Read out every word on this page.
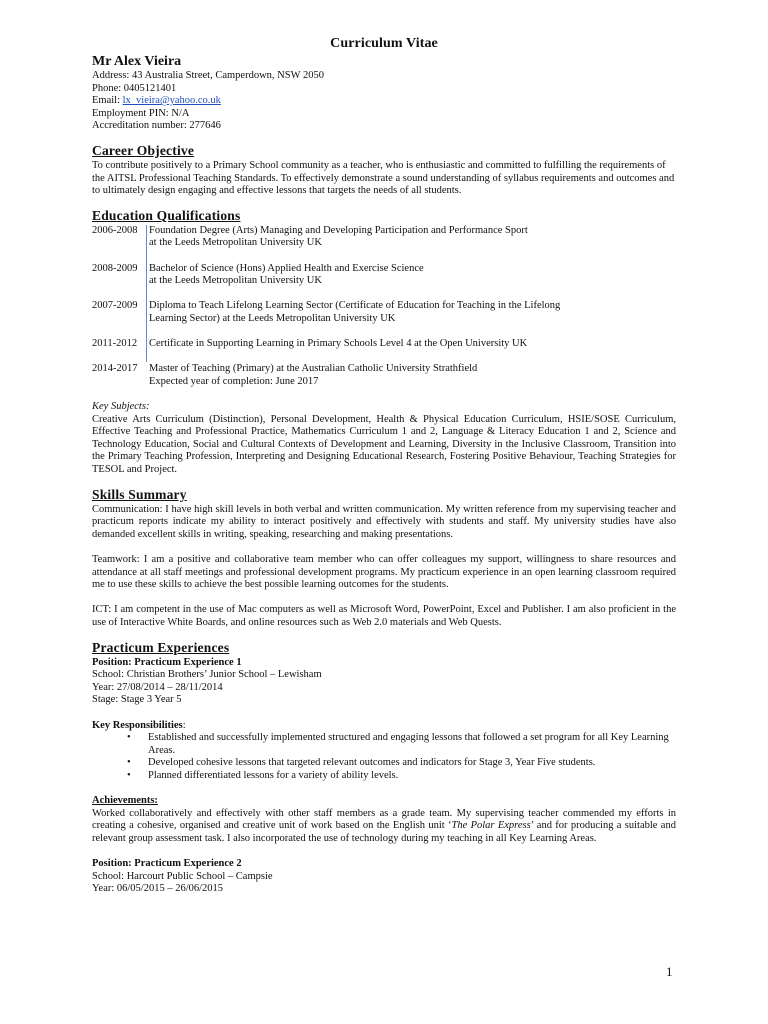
Curriculum Vitae
Mr Alex Vieira
Address: 43 Australia Street, Camperdown, NSW 2050
Phone: 0405121401
Email: lx_vieira@yahoo.co.uk
Employment PIN: N/A
Accreditation number: 277646
Career Objective

To contribute positively to a Primary School community as a teacher, who is enthusiastic and committed to fulfilling the requirements of the AITSL Professional Teaching Standards. To effectively demonstrate a sound understanding of syllabus requirements and outcomes and to ultimately design engaging and effective lessons that targets the needs of all students.

Education Qualifications
2006-2008	Foundation Degree (Arts) Managing and Developing Participation and Performance Sport
at the Leeds Metropolitan University UK
2008-2009	Bachelor of Science (Hons) Applied Health and Exercise Science
at the Leeds Metropolitan University UK
2007-2009	Diploma to Teach Lifelong Learning Sector (Certificate of Education for Teaching in the Lifelong
Learning Sector) at the Leeds Metropolitan University UK
2011-2012	Certificate in Supporting Learning in Primary Schools Level 4 at the Open University UK
2014-2017	Master of Teaching (Primary) at the Australian Catholic University Strathfield
Expected year of completion: June 2017
Key Subjects:

Creative Arts Curriculum (Distinction), Personal Development, Health & Physical Education Curriculum, HSIE/SOSE Curriculum, Effective Teaching and Professional Practice, Mathematics Curriculum 1 and 2, Language & Literacy Education 1 and 2, Science and Technology Education, Social and Cultural Contexts of Development and Learning, Diversity in the Inclusive Classroom, Transition into the Primary Teaching Profession, Interpreting and Designing Educational Research, Fostering Positive Behaviour, Teaching Strategies for TESOL and Project.

Skills Summary

Communication: I have high skill levels in both verbal and written communication. My written reference from my supervising teacher and practicum reports indicate my ability to interact positively and effectively with students and staff. My university studies have also demanded excellent skills in writing, speaking, researching and making presentations.

Teamwork: I am a positive and collaborative team member who can offer colleagues my support, willingness to share resources and attendance at all staff meetings and professional development programs. My practicum experience in an open learning classroom required me to use these skills to achieve the best possible learning outcomes for the students.

ICT: I am competent in the use of Mac computers as well as Microsoft Word, PowerPoint, Excel and Publisher. I am also proficient in the use of Interactive White Boards, and online resources such as Web 2.0 materials and Web Quests.

Practicum Experiences
Position: Practicum Experience 1
School: Christian Brothers’ Junior School – Lewisham
Year: 27/08/2014 – 28/11/2014
Stage: Stage 3 Year 5
Key Responsibilities:
• Established and successfully implemented structured and engaging lessons that followed a set program for all Key Learning Areas.
• Developed cohesive lessons that targeted relevant outcomes and indicators for Stage 3, Year Five students.
• Planned differentiated lessons for a variety of ability levels.
Achievements:

Worked collaboratively and effectively with other staff members as a grade team. My supervising teacher commended my efforts in creating a cohesive, organised and creative unit of work based on the English unit ‘The Polar Express’ and for producing a suitable and relevant group assessment task. I also incorporated the use of technology during my teaching in all Key Learning Areas.

Position: Practicum Experience 2
School: Harcourt Public School – Campsie
Year: 06/05/2015 – 26/06/2015
1
